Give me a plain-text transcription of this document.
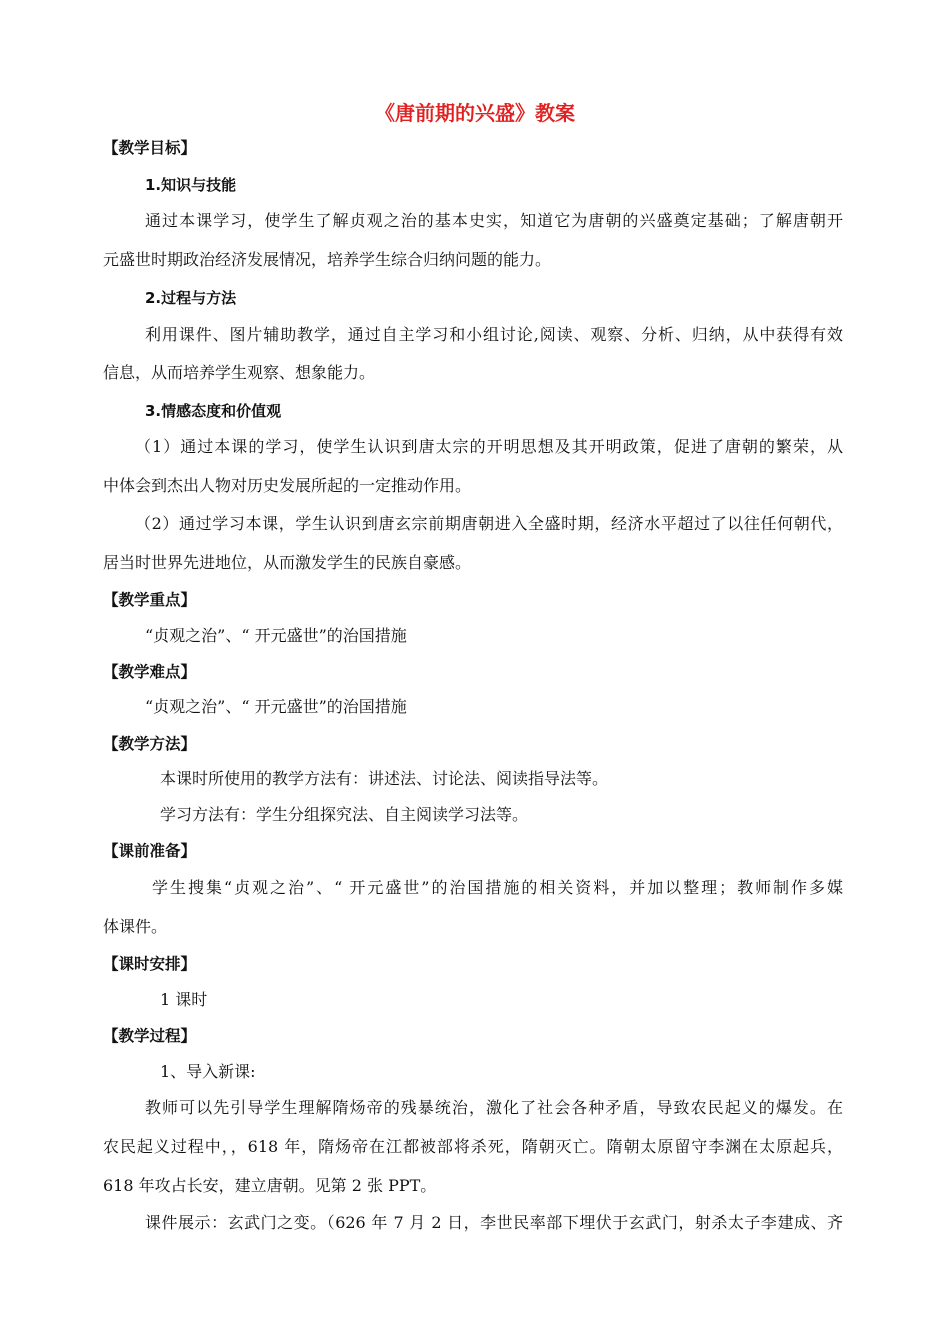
《唐前期的兴盛》教案
【教学目标】
1.知识与技能
通过本课学习，使学生了解贞观之治的基本史实，知道它为唐朝的兴盛奠定基础；了解唐朝开
元盛世时期政治经济发展情况，培养学生综合归纳问题的能力。
2.过程与方法
利用课件、图片辅助教学，通过自主学习和小组讨论,阅读、观察、分析、归纳，从中获得有效
信息，从而培养学生观察、想象能力。
3.情感态度和价值观
（1）通过本课的学习，使学生认识到唐太宗的开明思想及其开明政策，促进了唐朝的繁荣，从
中体会到杰出人物对历史发展所起的一定推动作用。
（2）通过学习本课，学生认识到唐玄宗前期唐朝进入全盛时期，经济水平超过了以往任何朝代，
居当时世界先进地位，从而激发学生的民族自豪感。
【教学重点】
“贞观之治”、“ 开元盛世”的治国措施
【教学难点】
“贞观之治”、“ 开元盛世”的治国措施
【教学方法】
本课时所使用的教学方法有：讲述法、讨论法、阅读指导法等。
学习方法有：学生分组探究法、自主阅读学习法等。
【课前准备】
学生搜集“贞观之治”、“ 开元盛世”的治国措施的相关资料，并加以整理；教师制作多媒
体课件。
【课时安排】
1 课时
【教学过程】
1、导入新课:
教师可以先引导学生理解隋炀帝的残暴统治，激化了社会各种矛盾，导致农民起义的爆发。在
农民起义过程中，，618 年，隋炀帝在江都被部将杀死，隋朝灭亡。隋朝太原留守李渊在太原起兵，
618 年攻占长安，建立唐朝。见第 2 张 PPT。
课件展示：玄武门之变。（626 年 7 月 2 日，李世民率部下埋伏于玄武门，射杀太子李建成、齐
